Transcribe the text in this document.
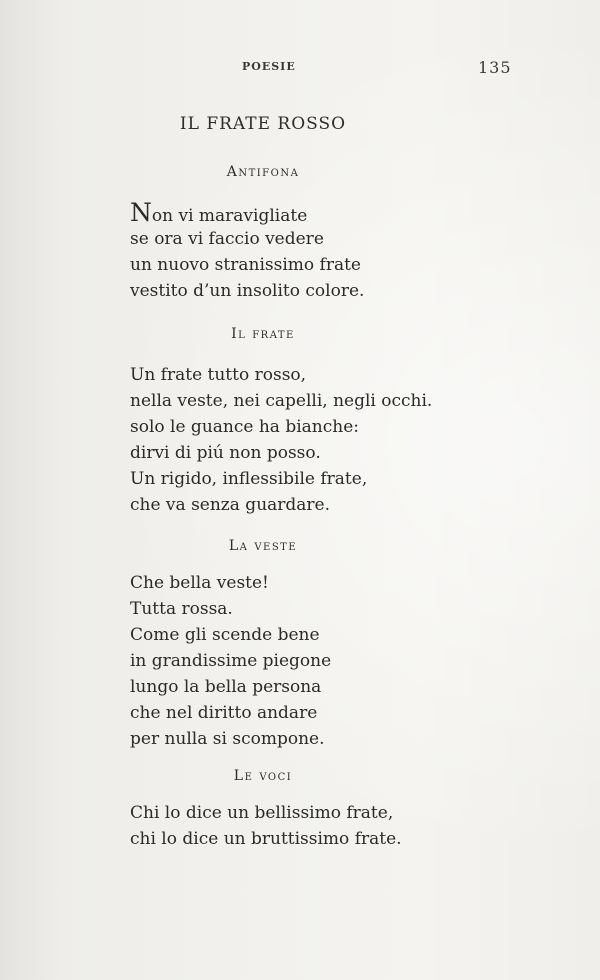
POESIE	135
IL FRATE ROSSO
Antifona
Non vi maravigliate
se ora vi faccio vedere
un nuovo stranissimo frate
vestito d’un insolito colore.
Il frate
Un frate tutto rosso,
nella veste, nei capelli, negli occhi.
solo le guance ha bianche:
dirvi di piú non posso.
Un rigido, inflessibile frate,
che va senza guardare.
La veste
Che bella veste!
Tutta rossa.
Come gli scende bene
in grandissime piegone
lungo la bella persona
che nel diritto andare
per nulla si scompone.
Le voci
Chi lo dice un bellissimo frate,
chi lo dice un bruttissimo frate.
